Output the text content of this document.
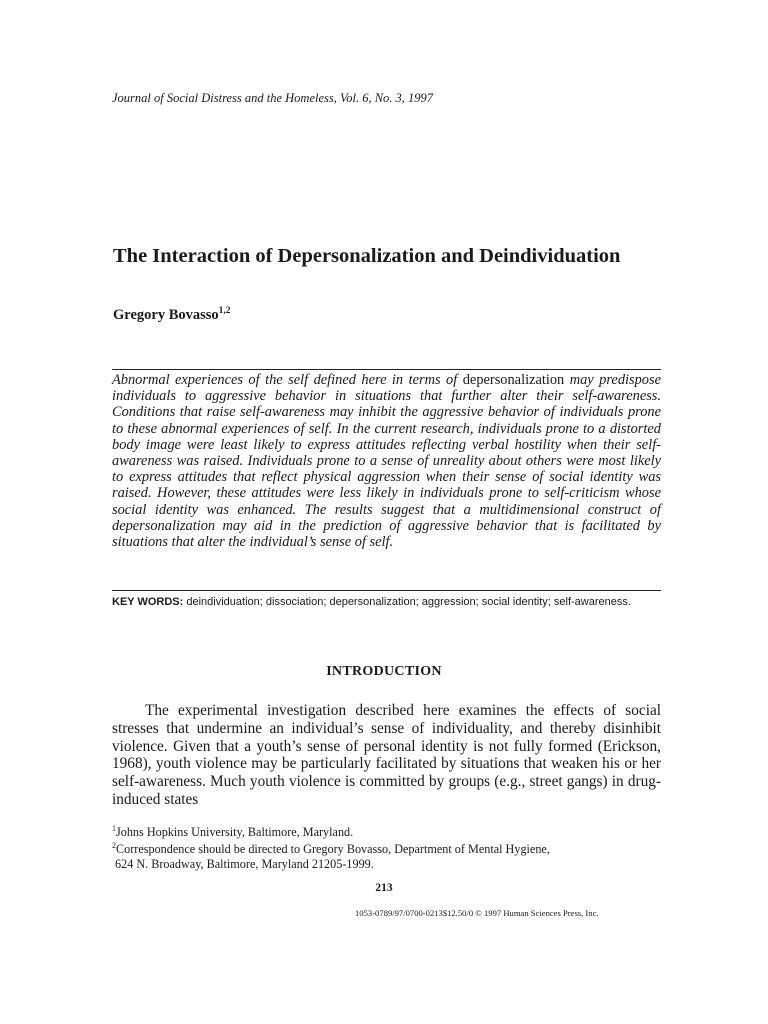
Journal of Social Distress and the Homeless, Vol. 6, No. 3, 1997
The Interaction of Depersonalization and Deindividuation
Gregory Bovasso$^{1,2}$

Abnormal experiences of the self defined here in terms of depersonalization may predispose individuals to aggressive behavior in situations that further alter their self-awareness. Conditions that raise self-awareness may inhibit the aggressive behavior of individuals prone to these abnormal experiences of self. In the current research, individuals prone to a distorted body image were least likely to express attitudes reflecting verbal hostility when their self-awareness was raised. Individuals prone to a sense of unreality about others were most likely to express attitudes that reflect physical aggression when their sense of social identity was raised. However, these attitudes were less likely in individuals prone to self-criticism whose social identity was enhanced. The results suggest that a multidimensional construct of depersonalization may aid in the prediction of aggressive behavior that is facilitated by situations that alter the individual’s sense of self.

KEY WORDS: deindividuation; dissociation; depersonalization; aggression; social identity; self-awareness.

INTRODUCTION

The experimental investigation described here examines the effects of social stresses that undermine an individual’s sense of individuality, and thereby disinhibit violence. Given that a youth’s sense of personal identity is not fully formed (Erickson, 1968), youth violence may be particularly facilitated by situations that weaken his or her self-awareness. Much youth violence is committed by groups (e.g., street gangs) in drug-induced states

$^1$Johns Hopkins University, Baltimore, Maryland.
$^2$Correspondence should be directed to Gregory Bovasso, Department of Mental Hygiene,
624 N. Broadway, Baltimore, Maryland 21205-1999.
213
1053-0789/97/0700-0213$12.50/0 © 1997 Human Sciences Press, Inc.
